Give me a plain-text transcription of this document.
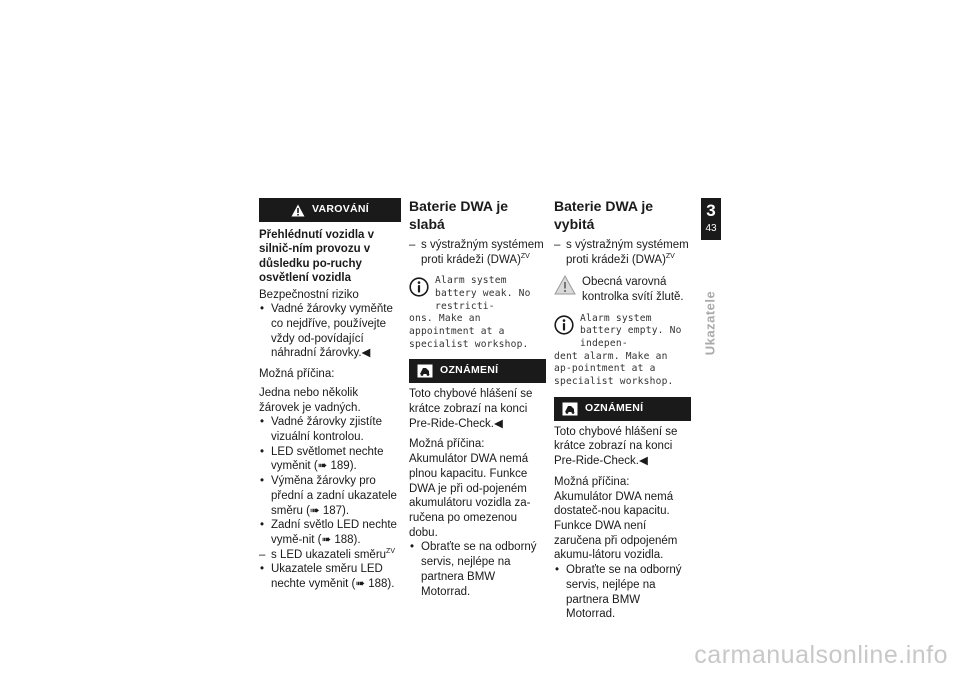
VAROVÁNÍ
Přehlédnutí vozidla v silnič-ním provozu v důsledku po-ruchy osvětlení vozidla

Bezpečnostní riziko

• Vadné žárovky vyměňte co nejdříve, používejte vždy od-povídající náhradní žárovky.◀

Možná příčina:

Jedna nebo několik žárovek je vadných.

• Vadné žárovky zjistíte vizuální kontrolou.
• LED světlomet nechte vyměnit (➠ 189).
• Výměna žárovky pro přední a zadní ukazatele směru (➠ 187).
• Zadní světlo LED nechte vymě-nit (➠ 188).
– s LED ukazateli směru$^{ZV}$
• Ukazatele směru LED nechte vyměnit (➠ 188).
Baterie DWA je slabá
– s výstražným systémem proti krádeži (DWA)$^{ZV}$
Alarm system battery weak. No restricti-
ons. Make an appointment at a specialist workshop.
OZNÁMENÍ

Toto chybové hlášení se krátce zobrazí na konci Pre-Ride-Check.◀

Možná příčina:

Akumulátor DWA nemá plnou kapacitu. Funkce DWA je při od-pojeném akumulátoru vozidla za-ručena po omezenou dobu.

• Obraťte se na odborný servis, nejlépe na partnera BMW Motorrad.
Baterie DWA je vybitá
– s výstražným systémem proti krádeži (DWA)$^{ZV}$
Obecná varovná kontrolka svítí žlutě.
Alarm system battery empty. No indepen-
dent alarm. Make an ap-pointment at a specialist workshop.
OZNÁMENÍ

Toto chybové hlášení se krátce zobrazí na konci Pre-Ride-Check.◀

Možná příčina:

Akumulátor DWA nemá dostateč-nou kapacitu. Funkce DWA není zaručena při odpojeném akumu-látoru vozidla.

• Obraťte se na odborný servis, nejlépe na partnera BMW Motorrad.
3
43
Ukazatele
carmanualsonline.info
